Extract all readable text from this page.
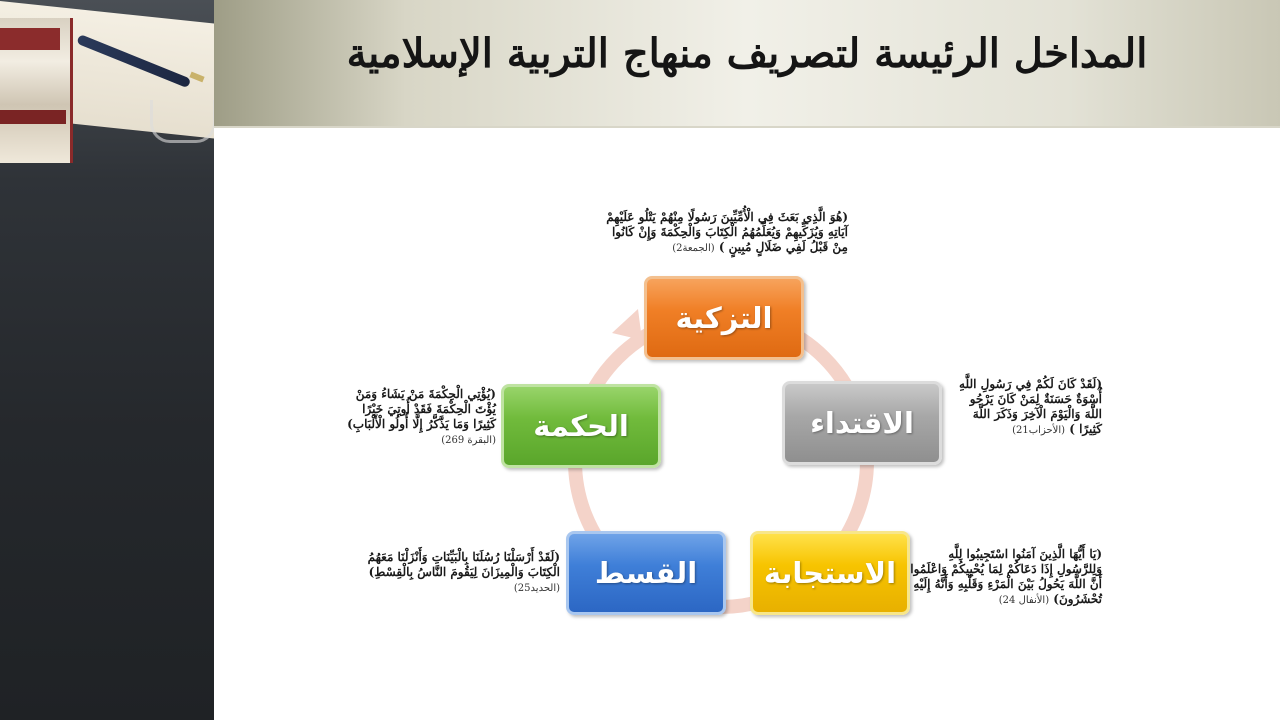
المداخل الرئيسة لتصريف منهاج التربية الإسلامية
التزكية
الاقتداء
الاستجابة
القسط
الحكمة
(هُوَ الَّذِي بَعَثَ فِي الْأُمِّيِّينَ رَسُولًا مِنْهُمْ يَتْلُو عَلَيْهِمْ آيَاتِهِ وَيُزَكِّيهِمْ وَيُعَلِّمُهُمُ الْكِتَابَ وَالْحِكْمَةَ وَإِنْ كَانُوا مِنْ قَبْلُ لَفِي ضَلَالٍ مُبِينٍ ) (الجمعة2)
(لَقَدْ كَانَ لَكُمْ فِي رَسُولِ اللَّهِ أُسْوَةٌ حَسَنَةٌ لِمَنْ كَانَ يَرْجُو اللَّهَ وَالْيَوْمَ الْآخِرَ وَذَكَرَ اللَّهَ كَثِيرًا ) (الأحزاب21)
(يُؤْتِي الْحِكْمَةَ مَنْ يَشَاءُ وَمَنْ يُؤْتَ الْحِكْمَةَ فَقَدْ أُوتِيَ خَيْرًا كَثِيرًا وَمَا يَذَّكَّرُ إِلَّا أُولُو الْأَلْبَابِ) (البقرة 269)
(لَقَدْ أَرْسَلْنَا رُسُلَنَا بِالْبَيِّنَاتِ وَأَنْزَلْنَا مَعَهُمُ الْكِتَابَ وَالْمِيزَانَ لِيَقُومَ النَّاسُ بِالْقِسْطِ) (الحديد25)
(يَا أَيُّهَا الَّذِينَ آمَنُوا اسْتَجِيبُوا لِلَّهِ وَلِلرَّسُولِ إِذَا دَعَاكُمْ لِمَا يُحْيِيكُمْ وَاعْلَمُوا أَنَّ اللَّهَ يَحُولُ بَيْنَ الْمَرْءِ وَقَلْبِهِ وَأَنَّهُ إِلَيْهِ تُحْشَرُونَ) (الأنفال 24)
